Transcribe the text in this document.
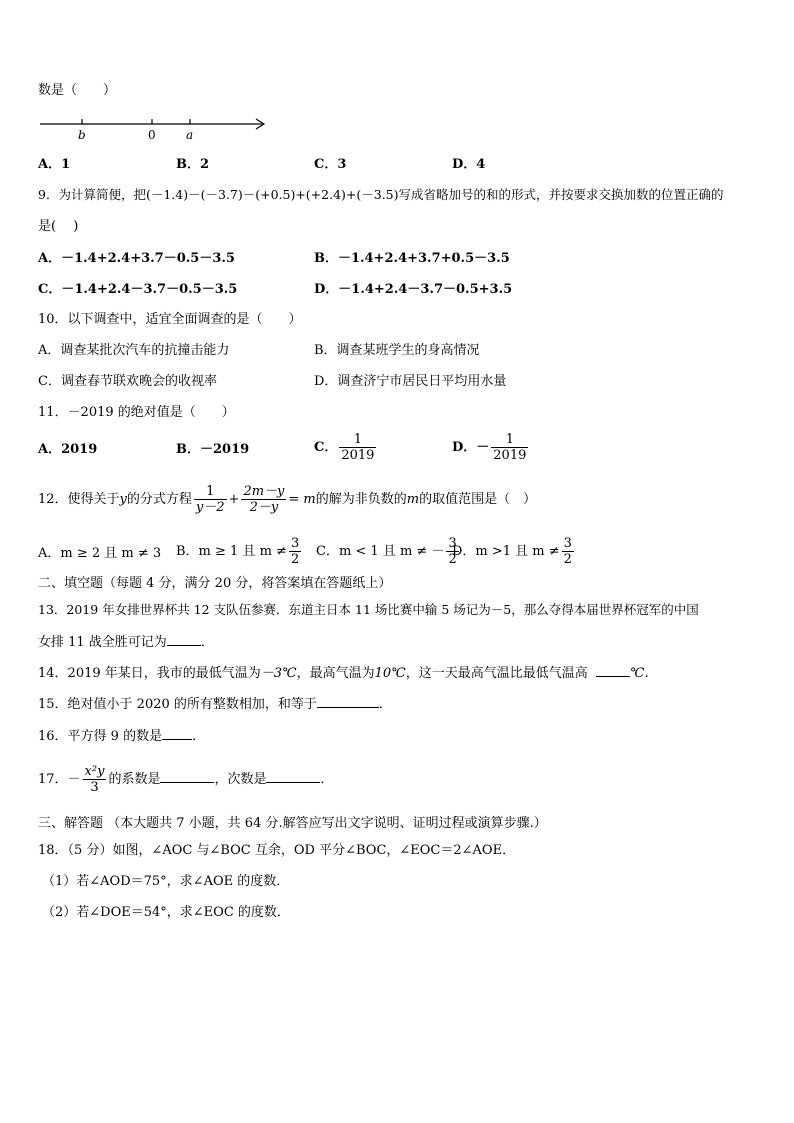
数是（　　）
b	0	a
A．1	B．2	C．3	D．4
9．为计算简便，把(－1.4)－(－3.7)－(+0.5)+(+2.4)+(－3.5)写成省略加号的和的形式，并按要求交换加数的位置正确的
是(　 )
A．－1.4+2.4+3.7－0.5－3.5	B．－1.4+2.4+3.7+0.5－3.5
C．－1.4+2.4－3.7－0.5－3.5	D．－1.4+2.4－3.7－0.5+3.5
10．以下调查中，适宜全面调查的是（　　）
A．调查某批次汽车的抗撞击能力	B．调查某班学生的身高情况
C．调查春节联欢晚会的收视率	D．调查济宁市居民日平均用水量
11．－2019 的绝对值是（　　）
A．2019	B．－2019	C． $\frac{1}{2019}$	D．－ $\frac{1}{2019}$
12．使得关于y的分式方程 $\frac{1}{y-2} + \frac{2m-y}{2-y} = m$的解为非负数的m的取值范围是（　）
A．m ≥ 2 且 m ≠ 3 B．m ≥ 1 且 $m \ne \frac{3}{2}$ C．m < 1 且 m ≠ － $\frac{3}{2}$
D．m >1 且 $m \ne \frac{3}{2}$
二、填空题（每题 4 分，满分 20 分，将答案填在答题纸上）
13．2019 年女排世界杯共 12 支队伍参赛．东道主日本 11 场比赛中输 5 场记为－5，那么夺得本届世界杯冠军的中国
女排 11 战全胜可记为	．
14．2019 年某日，我市的最低气温为－3℃，最高气温为10℃，这一天最高气温比最低气温高	℃．
15．绝对值小于 2020 的所有整数相加，和等于	．
16．平方得 9 的数是 ．
17．－ $\frac{\text{x²y}}{3}$ 的系数是	，次数是	．
三、解答题 （本大题共 7 小题，共 64 分.解答应写出文字说明、证明过程或演算步骤.）
18．（5 分）如图，∠AOC 与∠BOC 互余，OD 平分∠BOC，∠EOC＝2∠AOE．
（1）若∠AOD＝75°，求∠AOE 的度数．
（2）若∠DOE＝54°，求∠EOC 的度数．
